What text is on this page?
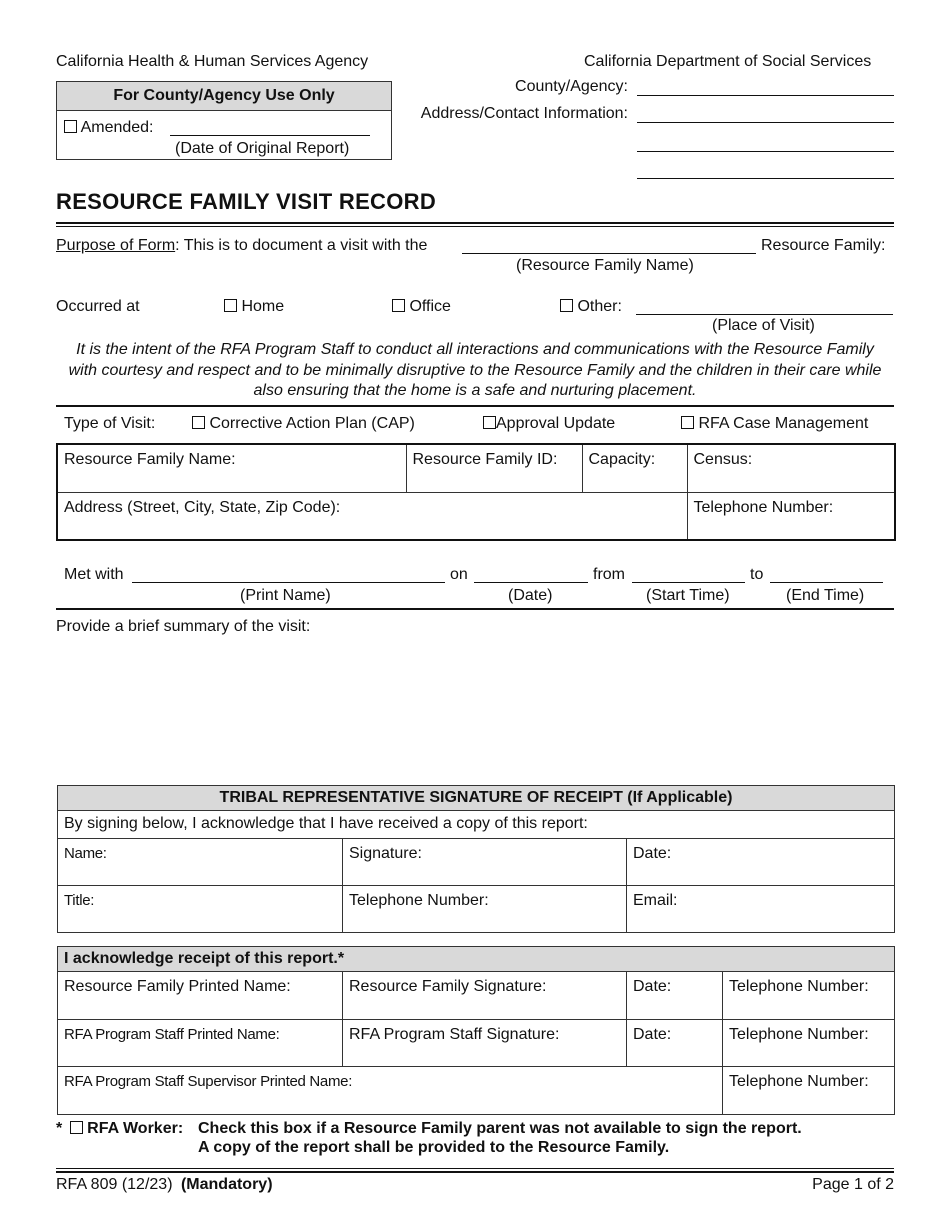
California Health & Human Services Agency	California Department of Social Services
For County/Agency Use Only
Amended:
(Date of Original Report)
County/Agency:
Address/Contact Information:
RESOURCE FAMILY VISIT RECORD
Purpose of Form: This is to document a visit with the	Resource Family:
(Resource Family Name)
Occurred at	Home	Office	Other:
(Place of Visit)
It is the intent of the RFA Program Staff to conduct all interactions and communications with the Resource Family with courtesy and respect and to be minimally disruptive to the Resource Family and the children in their care while also ensuring that the home is a safe and nurturing placement.
Type of Visit:	Corrective Action Plan (CAP)	Approval Update	RFA Case Management
Resource Family Name:	Resource Family ID:	Capacity:	Census:
Address (Street, City, State, Zip Code):			Telephone Number:
Met with	on	from	to
(Print Name)	(Date)	(Start Time)	(End Time)
Provide a brief summary of the visit:
TRIBAL REPRESENTATIVE SIGNATURE OF RECEIPT (If Applicable)		
By signing below, I acknowledge that I have received a copy of this report:		
Name:	Signature:	Date:
Title:	Telephone Number:	Email:
I acknowledge receipt of this report.*			
Resource Family Printed Name:	Resource Family Signature:	Date:	Telephone Number:
RFA Program Staff Printed Name:	RFA Program Staff Signature:	Date:	Telephone Number:
RFA Program Staff Supervisor Printed Name:			Telephone Number:
* RFA Worker: Check this box if a Resource Family parent was not available to sign the report.
A copy of the report shall be provided to the Resource Family.
RFA 809 (12/23) (Mandatory)	Page 1 of 2
